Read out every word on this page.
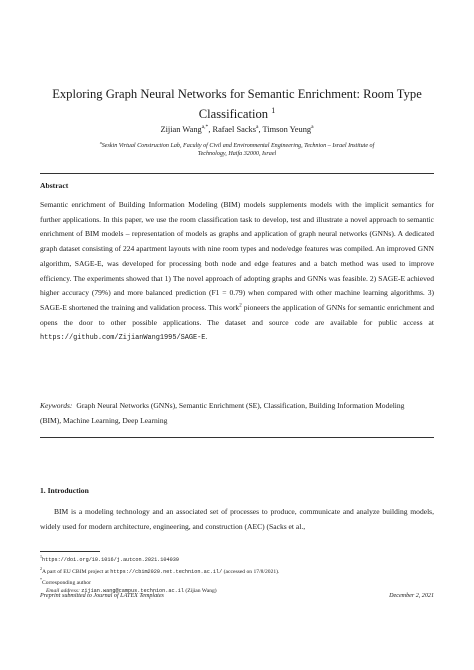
Exploring Graph Neural Networks for Semantic Enrichment: Room Type
Classification $^1$
Zijian Wang$^{a,*}$, Rafael Sacks$^a$, Timson Yeung$^a$
$^a$Seskin Virtual Construction Lab, Faculty of Civil and Environmental Engineering, Technion – Israel Institute of
Technology, Haifa 32000, Israel
Abstract
Semantic enrichment of Building Information Modeling (BIM) models supplements models with the implicit semantics for further applications. In this paper, we use the room classification task to develop, test and illustrate a novel approach to semantic enrichment of BIM models – representation of models as graphs and application of graph neural networks (GNNs). A dedicated graph dataset consisting of 224 apartment layouts with nine room types and node/edge features was compiled. An improved GNN algorithm, SAGE-E, was developed for processing both node and edge features and a batch method was used to improve efficiency. The experiments showed that 1) The novel approach of adopting graphs and GNNs was feasible. 2) SAGE-E achieved higher accuracy (79%) and more balanced prediction (F1 = 0.79) when compared with other machine learning algorithms. 3) SAGE-E shortened the training and validation process. This work$^2$ pioneers the application of GNNs for semantic enrichment and opens the door to other possible applications. The dataset and source code are available for public access at https://github.com/ZijianWang1995/SAGE-E.
Keywords: Graph Neural Networks (GNNs), Semantic Enrichment (SE), Classification, Building Information Modeling (BIM), Machine Learning, Deep Learning
1. Introduction
BIM is a modeling technology and an associated set of processes to produce, communicate and analyze building models, widely used for modern architecture, engineering, and construction (AEC) (Sacks et al.,
$^1$https://doi.org/10.1016/j.autcon.2021.104039
$^2$A part of EU CBIM project at https://cbim2020.net.technion.ac.il/ (accessed on 17/8/2021).
*Corresponding author
Email address: zijian.wang@campus.technion.ac.il (Zijian Wang)
Preprint submitted to Journal of LATEX Templates	December 2, 2021
